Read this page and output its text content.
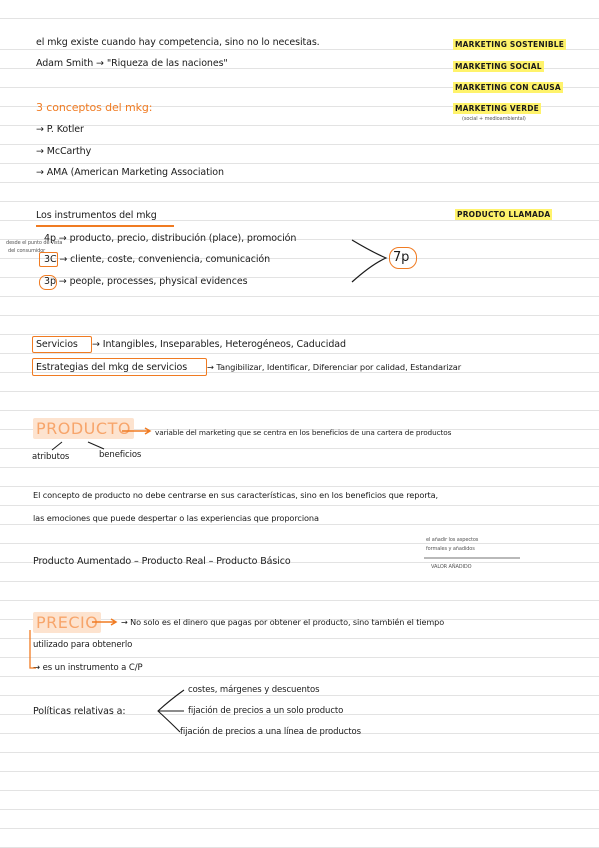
el mkg existe cuando hay competencia, sino no lo necesitas.
Adam Smith → "Riqueza de las naciones"
MARKETING SOSTENIBLE
MARKETING SOCIAL
MARKETING CON CAUSA
MARKETING VERDE
(social + medioambiental)
3 conceptos del mkg:
→ P. Kotler
→ McCarthy
→ AMA (American Marketing Association
Los instrumentos del mkg	PRODUCTO LLAMADA
desde el punto de vista
del consumidor
4p → producto, precio, distribución (place), promoción
3C → cliente, coste, conveniencia, comunicación
3p → people, processes, physical evidences
7p
Servicios → Intangibles, Inseparables, Heterogéneos, Caducidad
Estrategias del mkg de servicios → Tangibilizar, Identificar, Diferenciar por calidad, Estandarizar
PRODUCTO	variable del marketing que se centra en los beneficios de una cartera de productos
atributos	beneficios
El concepto de producto no debe centrarse en sus características, sino en los beneficios que reporta,
las emociones que puede despertar o las experiencias que proporciona
Producto Aumentado – Producto Real – Producto Básico
el añadir los aspectos
formales y añadidos
VALOR AÑADIDO
PRECIO	→ No solo es el dinero que pagas por obtener el producto, sino también el tiempo
utilizado para obtenerlo
→ es un instrumento a C/P
Políticas relativas a:
costes, márgenes y descuentos
fijación de precios a un solo producto
fijación de precios a una línea de productos
